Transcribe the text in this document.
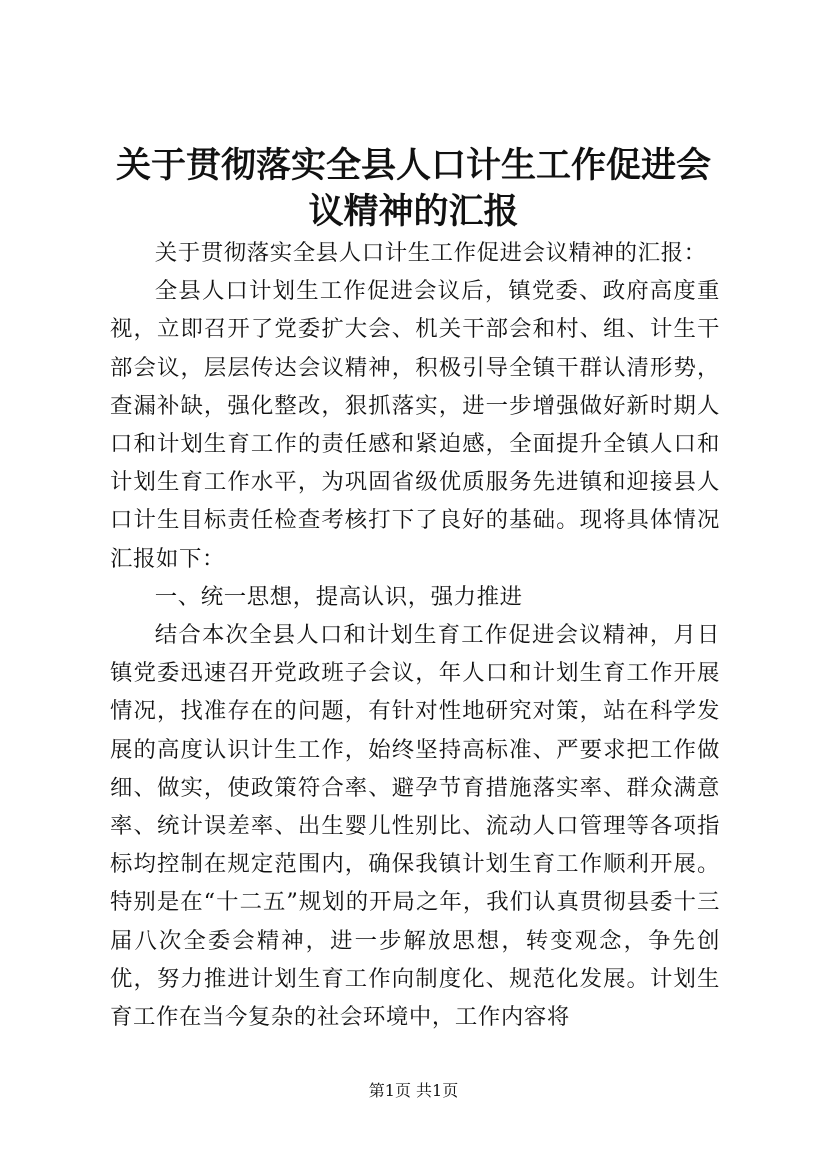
关于贯彻落实全县人口计生工作促进会议精神的汇报

关于贯彻落实全县人口计生工作促进会议精神的汇报：

全县人口计划生工作促进会议后，镇党委、政府高度重视，立即召开了党委扩大会、机关干部会和村、组、计生干部会议，层层传达会议精神，积极引导全镇干群认清形势，查漏补缺，强化整改，狠抓落实，进一步增强做好新时期人口和计划生育工作的责任感和紧迫感，全面提升全镇人口和计划生育工作水平，为巩固省级优质服务先进镇和迎接县人口计生目标责任检查考核打下了良好的基础。现将具体情况汇报如下：

一、统一思想，提高认识，强力推进

结合本次全县人口和计划生育工作促进会议精神，月日镇党委迅速召开党政班子会议，年人口和计划生育工作开展情况，找准存在的问题，有针对性地研究对策，站在科学发展的高度认识计生工作，始终坚持高标准、严要求把工作做细、做实，使政策符合率、避孕节育措施落实率、群众满意率、统计误差率、出生婴儿性别比、流动人口管理等各项指标均控制在规定范围内，确保我镇计划生育工作顺利开展。特别是在“十二五”规划的开局之年，我们认真贯彻县委十三届八次全委会精神，进一步解放思想，转变观念，争先创优，努力推进计划生育工作向制度化、规范化发展。计划生育工作在当今复杂的社会环境中，工作内容将

第1页 共1页
